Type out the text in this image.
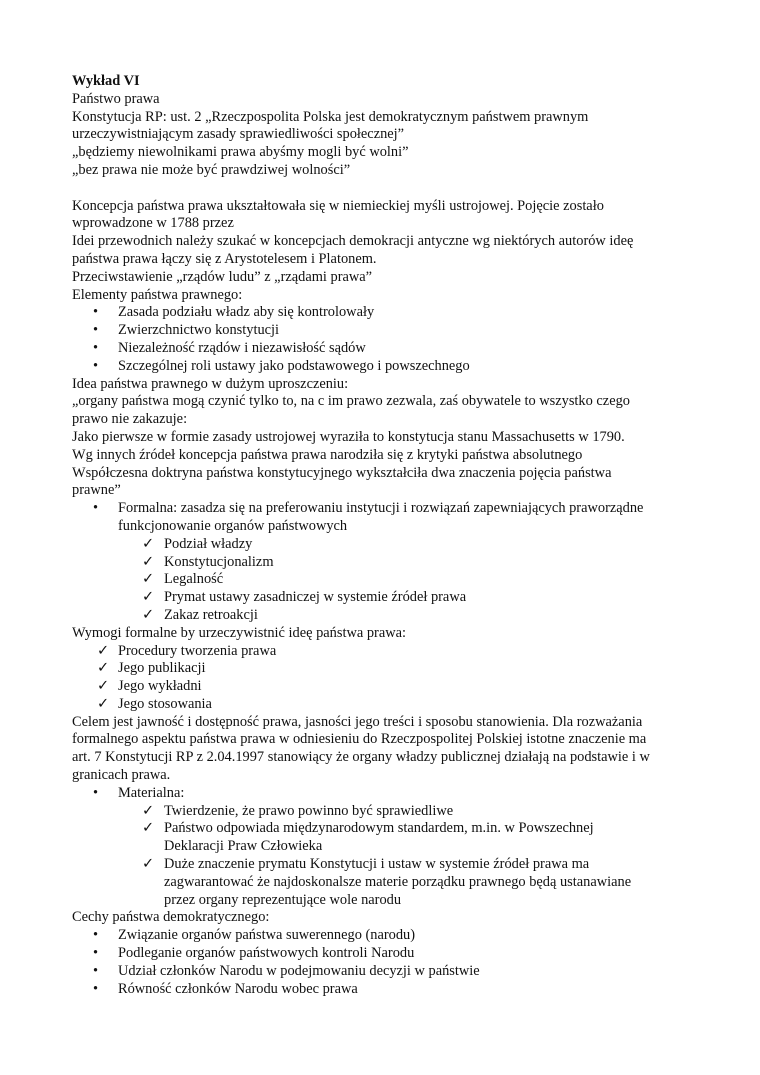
Wykład VI
Państwo prawa
Konstytucja RP: ust. 2 „Rzeczpospolita Polska jest demokratycznym państwem prawnym
urzeczywistniającym zasady sprawiedliwości społecznej”
„będziemy niewolnikami prawa abyśmy mogli być wolni”
„bez prawa nie może być prawdziwej wolności”
Koncepcja państwa prawa ukształtowała się w niemieckiej myśli ustrojowej. Pojęcie zostało
wprowadzone w 1788 przez
Idei przewodnich należy szukać w koncepcjach demokracji antyczne wg niektórych autorów ideę
państwa prawa łączy się z Arystotelesem i Platonem.
Przeciwstawienie „rządów ludu” z „rządami prawa”
Elementy państwa prawnego:
• Zasada podziału władz aby się kontrolowały
• Zwierzchnictwo konstytucji
• Niezależność rządów i niezawisłość sądów
• Szczególnej roli ustawy jako podstawowego i powszechnego
Idea państwa prawnego w dużym uproszczeniu:
„organy państwa mogą czynić tylko to, na c im prawo zezwala, zaś obywatele to wszystko czego
prawo nie zakazuje:
Jako pierwsze w formie zasady ustrojowej wyraziła to konstytucja stanu Massachusetts w 1790.
Wg innych źródeł koncepcja państwa prawa narodziła się z krytyki państwa absolutnego
Współczesna doktryna państwa konstytucyjnego wykształciła dwa znaczenia pojęcia państwa
prawne”
• Formalna: zasadza się na preferowaniu instytucji i rozwiązań zapewniających praworządne
funkcjonowanie organów państwowych
✓ Podział władzy
✓ Konstytucjonalizm
✓ Legalność
✓ Prymat ustawy zasadniczej w systemie źródeł prawa
✓ Zakaz retroakcji
Wymogi formalne by urzeczywistnić ideę państwa prawa:
✓ Procedury tworzenia prawa
✓ Jego publikacji
✓ Jego wykładni
✓ Jego stosowania
Celem jest jawność i dostępność prawa, jasności jego treści i sposobu stanowienia. Dla rozważania
formalnego aspektu państwa prawa w odniesieniu do Rzeczpospolitej Polskiej istotne znaczenie ma
art. 7 Konstytucji RP z 2.04.1997 stanowiący że organy władzy publicznej działają na podstawie i w
granicach prawa.
• Materialna:
✓ Twierdzenie, że prawo powinno być sprawiedliwe
✓ Państwo odpowiada międzynarodowym standardem, m.in. w Powszechnej
Deklaracji Praw Człowieka
✓ Duże znaczenie prymatu Konstytucji i ustaw w systemie źródeł prawa ma
zagwarantować że najdoskonalsze materie porządku prawnego będą ustanawiane
przez organy reprezentujące wole narodu
Cechy państwa demokratycznego:
• Związanie organów państwa suwerennego (narodu)
• Podleganie organów państwowych kontroli Narodu
• Udział członków Narodu w podejmowaniu decyzji w państwie
• Równość członków Narodu wobec prawa
